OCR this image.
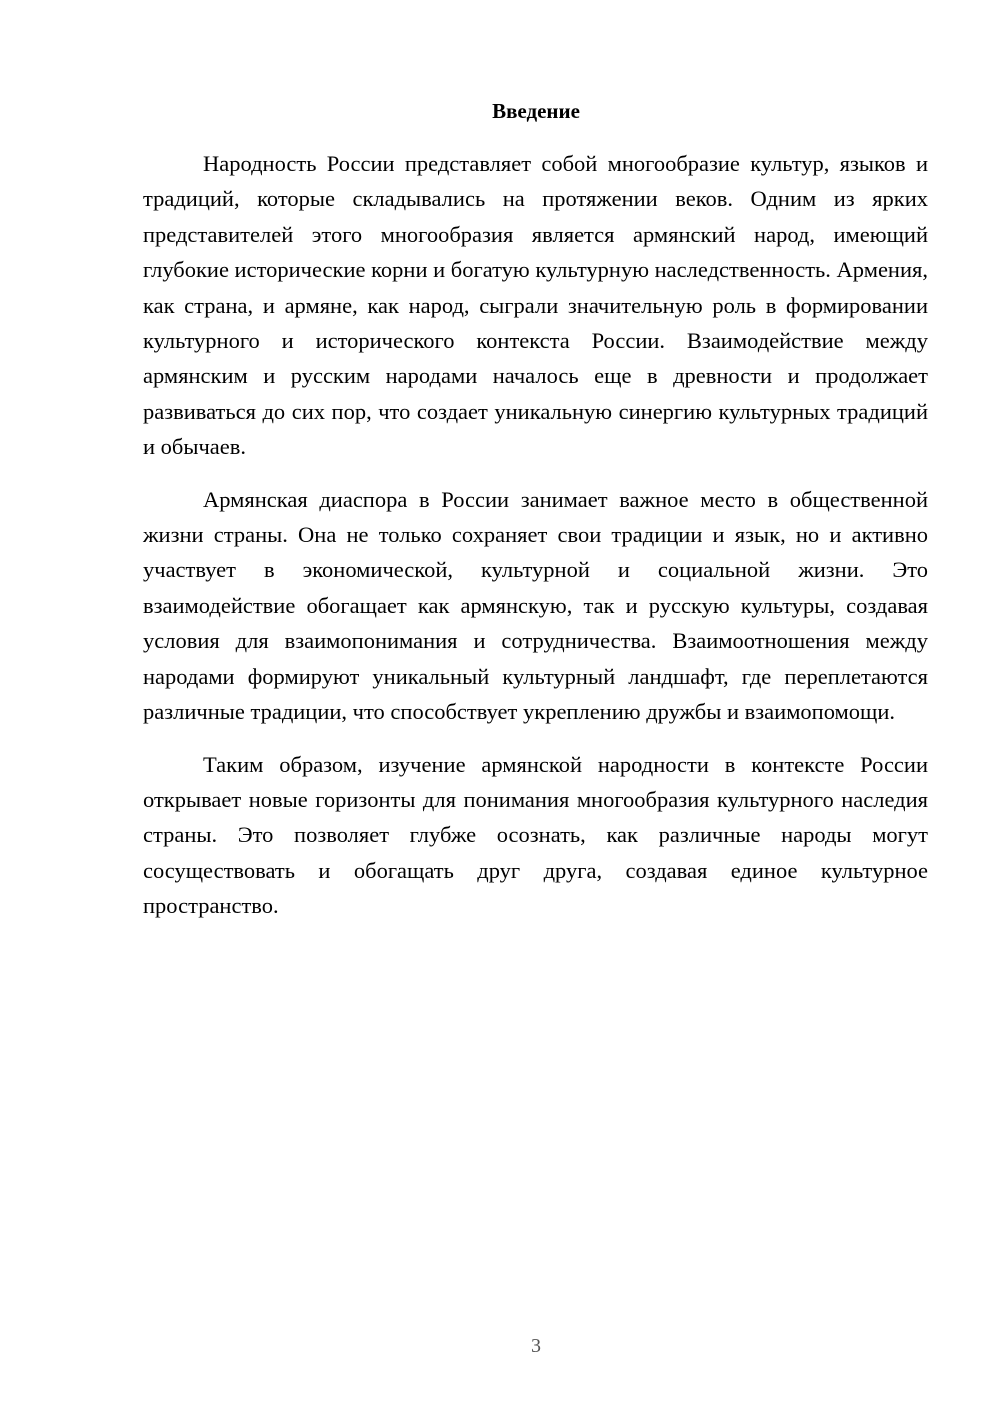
Введение

Народность России представляет собой многообразие культур, языков и традиций, которые складывались на протяжении веков. Одним из ярких представителей этого многообразия является армянский народ, имеющий глубокие исторические корни и богатую культурную наследственность. Армения, как страна, и армяне, как народ, сыграли значительную роль в формировании культурного и исторического контекста России. Взаимодействие между армянским и русским народами началось еще в древности и продолжает развиваться до сих пор, что создает уникальную синергию культурных традиций и обычаев.

Армянская диаспора в России занимает важное место в общественной жизни страны. Она не только сохраняет свои традиции и язык, но и активно участвует в экономической, культурной и социальной жизни. Это взаимодействие обогащает как армянскую, так и русскую культуры, создавая условия для взаимопонимания и сотрудничества. Взаимоотношения между народами формируют уникальный культурный ландшафт, где переплетаются различные традиции, что способствует укреплению дружбы и взаимопомощи.

Таким образом, изучение армянской народности в контексте России открывает новые горизонты для понимания многообразия культурного наследия страны. Это позволяет глубже осознать, как различные народы могут сосуществовать и обогащать друг друга, создавая единое культурное пространство.

3
